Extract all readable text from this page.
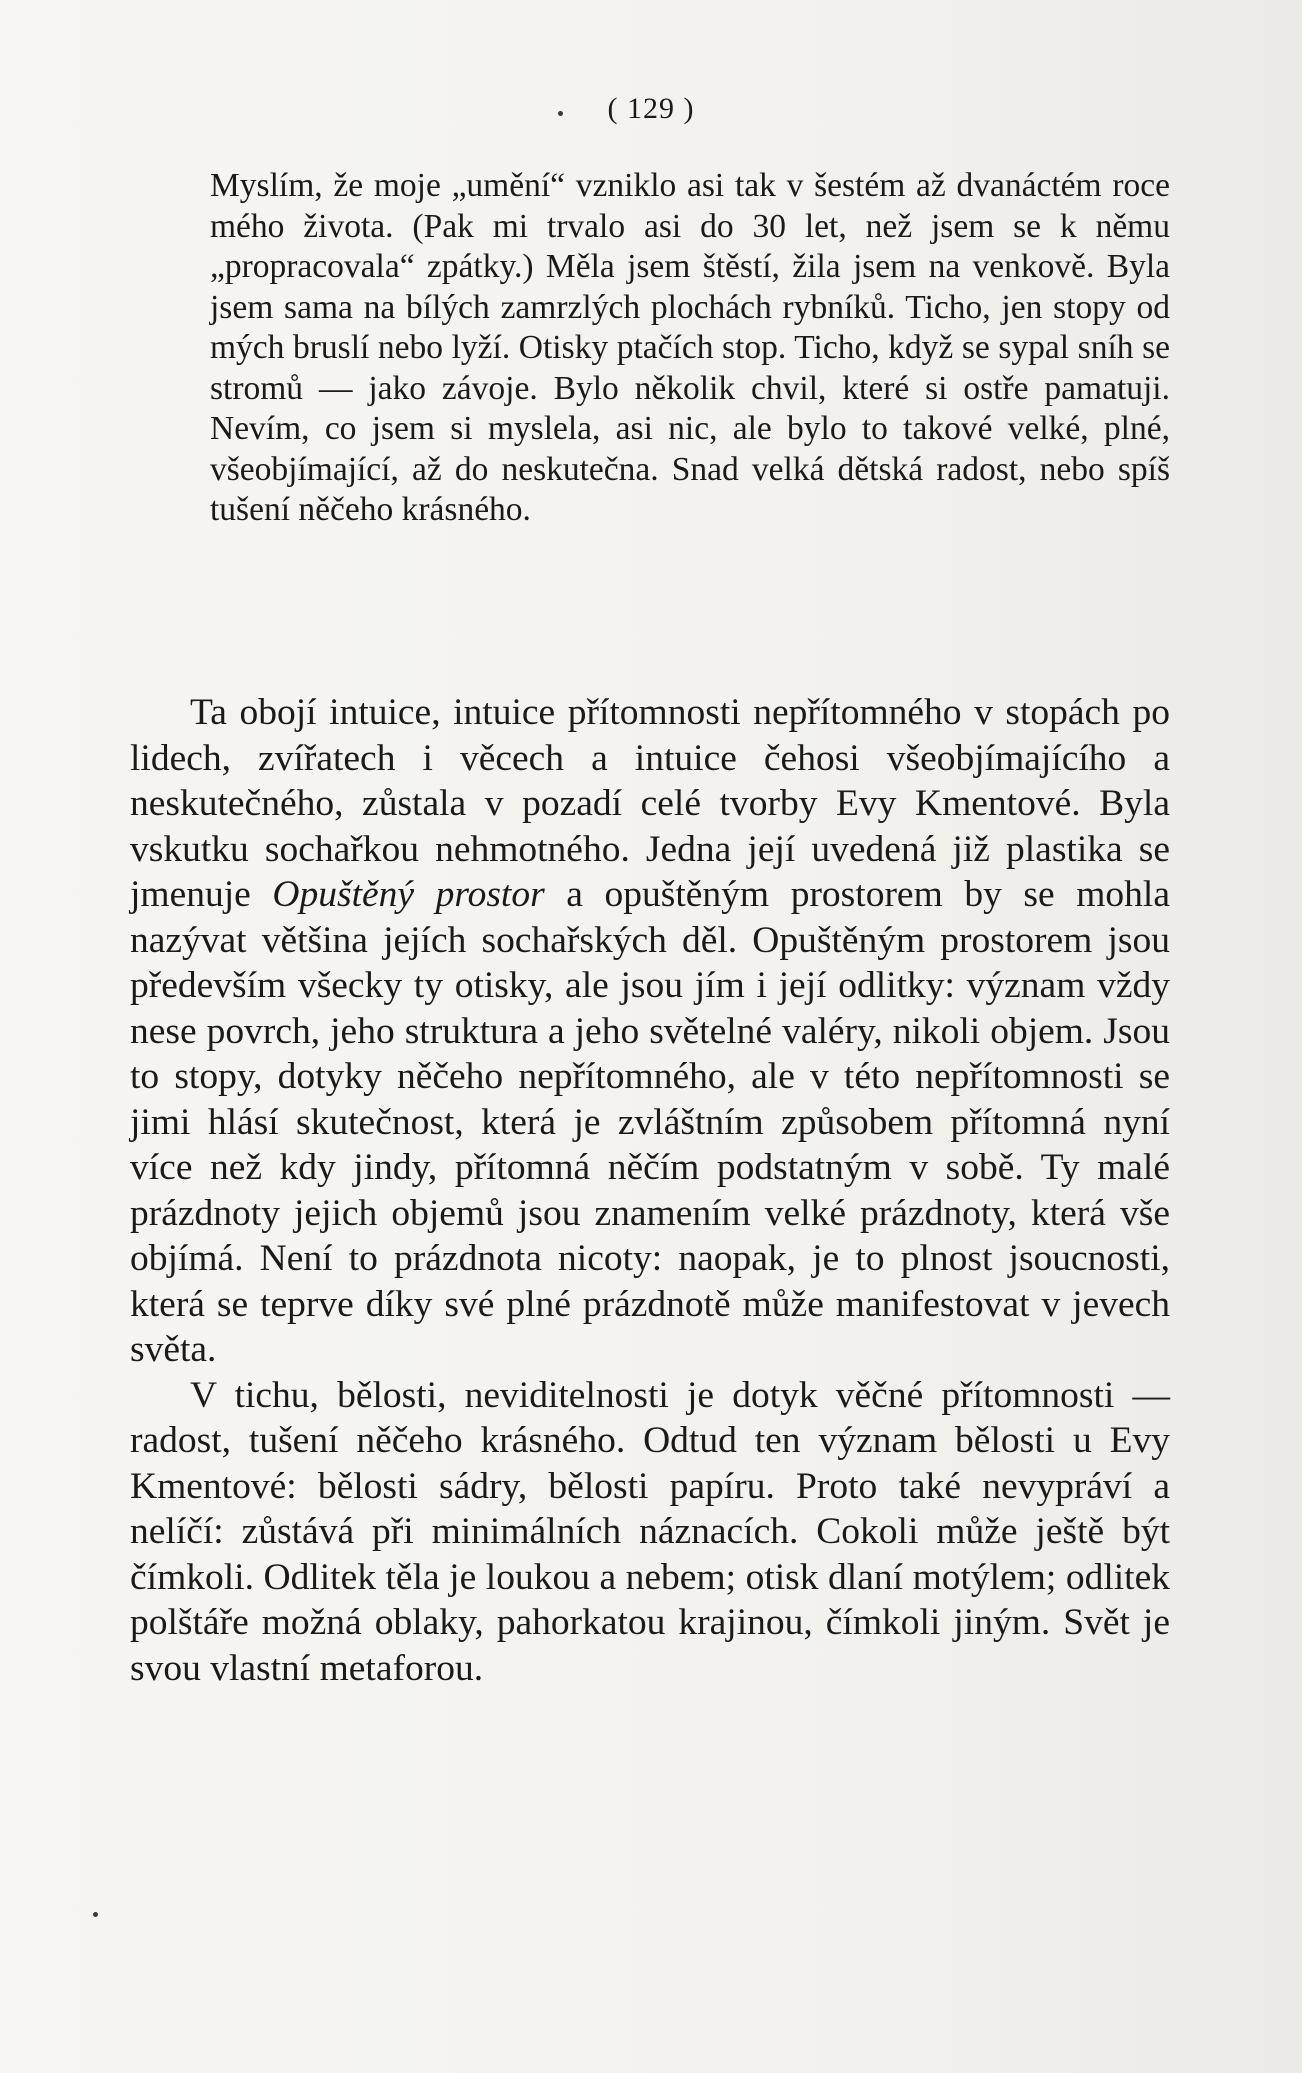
( 129 )

Myslím, že moje „umění“ vzniklo asi tak v šestém až dvanáctém roce mého života. (Pak mi trvalo asi do 30 let, než jsem se k němu „propracovala“ zpátky.) Měla jsem štěstí, žila jsem na venkově. Byla jsem sama na bílých zamrzlých plochách rybníků. Ticho, jen stopy od mých bruslí nebo lyží. Otisky ptačích stop. Ticho, když se sypal sníh se stromů — jako závoje. Bylo několik chvil, které si ostře pamatuji. Nevím, co jsem si myslela, asi nic, ale bylo to takové velké, plné, všeobjímající, až do neskutečna. Snad velká dětská radost, nebo spíš tušení něčeho krásného.

Ta obojí intuice, intuice přítomnosti nepřítomného v stopách po lidech, zvířatech i věcech a intuice čehosi všeobjímajícího a neskutečného, zůstala v pozadí celé tvorby Evy Kmentové. Byla vskutku sochařkou nehmotného. Jedna její uvedená již plastika se jmenuje Opuštěný prostor a opuštěným prostorem by se mohla nazývat většina jejích sochařských děl. Opuštěným prostorem jsou především všecky ty otisky, ale jsou jím i její odlitky: význam vždy nese povrch, jeho struktura a jeho světelné valéry, nikoli objem. Jsou to stopy, dotyky něčeho nepřítomného, ale v této nepřítomnosti se jimi hlásí skutečnost, která je zvláštním způsobem přítomná nyní více než kdy jindy, přítomná něčím podstatným v sobě. Ty malé prázdnoty jejich objemů jsou znamením velké prázdnoty, která vše objímá. Není to prázdnota nicoty: naopak, je to plnost jsoucnosti, která se teprve díky své plné prázdnotě může manifestovat v jevech světa.

V tichu, bělosti, neviditelnosti je dotyk věčné přítomnosti — radost, tušení něčeho krásného. Odtud ten význam bělosti u Evy Kmentové: bělosti sádry, bělosti papíru. Proto také nevypráví a nelíčí: zůstává při minimálních náznacích. Cokoli může ještě být čímkoli. Odlitek těla je loukou a nebem; otisk dlaní motýlem; odlitek polštáře možná oblaky, pahorkatou krajinou, čímkoli jiným. Svět je svou vlastní metaforou.
